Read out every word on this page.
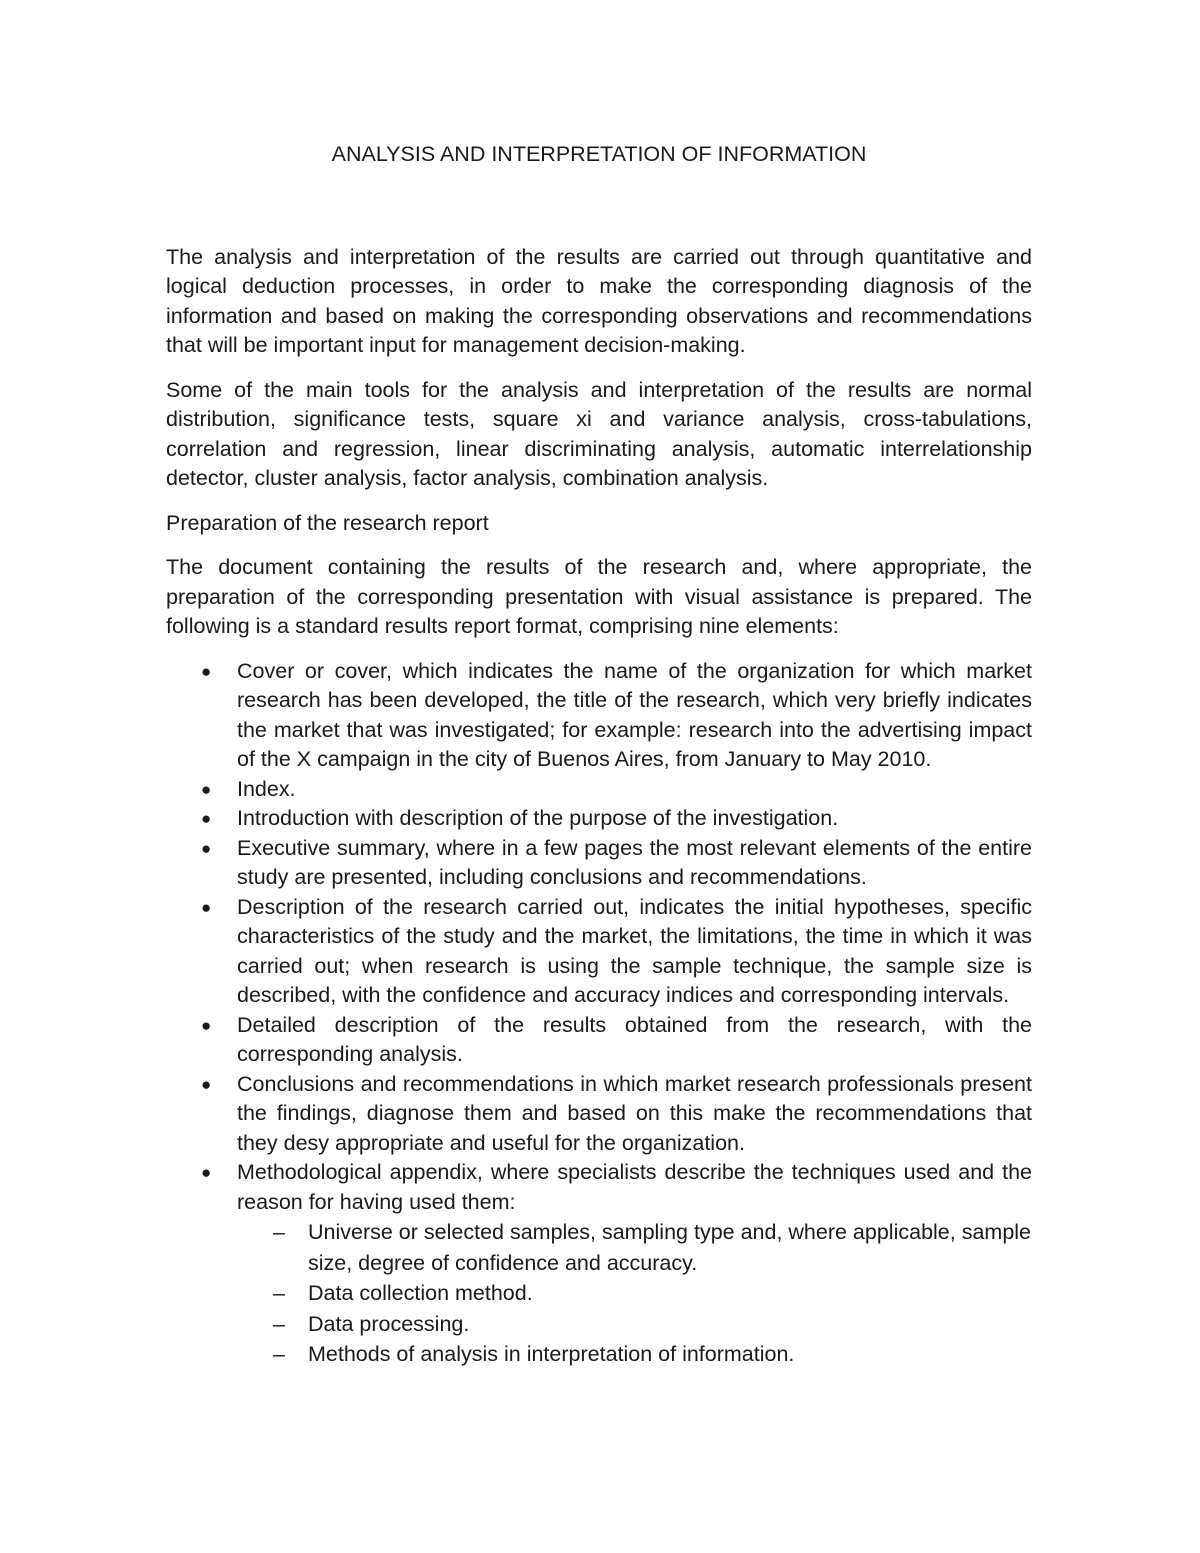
ANALYSIS AND INTERPRETATION OF INFORMATION

The analysis and interpretation of the results are carried out through quantitative and logical deduction processes, in order to make the corresponding diagnosis of the information and based on making the corresponding observations and recommendations that will be important input for management decision-making.

Some of the main tools for the analysis and interpretation of the results are normal distribution, significance tests, square xi and variance analysis, cross-tabulations, correlation and regression, linear discriminating analysis, automatic interrelationship detector, cluster analysis, factor analysis, combination analysis.

Preparation of the research report

The document containing the results of the research and, where appropriate, the preparation of the corresponding presentation with visual assistance is prepared. The following is a standard results report format, comprising nine elements:

● Cover or cover, which indicates the name of the organization for which market research has been developed, the title of the research, which very briefly indicates the market that was investigated; for example: research into the advertising impact of the X campaign in the city of Buenos Aires, from January to May 2010.
● Index.
● Introduction with description of the purpose of the investigation.
● Executive summary, where in a few pages the most relevant elements of the entire study are presented, including conclusions and recommendations.
● Description of the research carried out, indicates the initial hypotheses, specific characteristics of the study and the market, the limitations, the time in which it was carried out; when research is using the sample technique, the sample size is described, with the confidence and accuracy indices and corresponding intervals.
● Detailed description of the results obtained from the research, with the corresponding analysis.
● Conclusions and recommendations in which market research professionals present the findings, diagnose them and based on this make the recommendations that they desy appropriate and useful for the organization.
● Methodological appendix, where specialists describe the techniques used and the reason for having used them:
– Universe or selected samples, sampling type and, where applicable, sample size, degree of confidence and accuracy.
– Data collection method.
– Data processing.
– Methods of analysis in interpretation of information.
